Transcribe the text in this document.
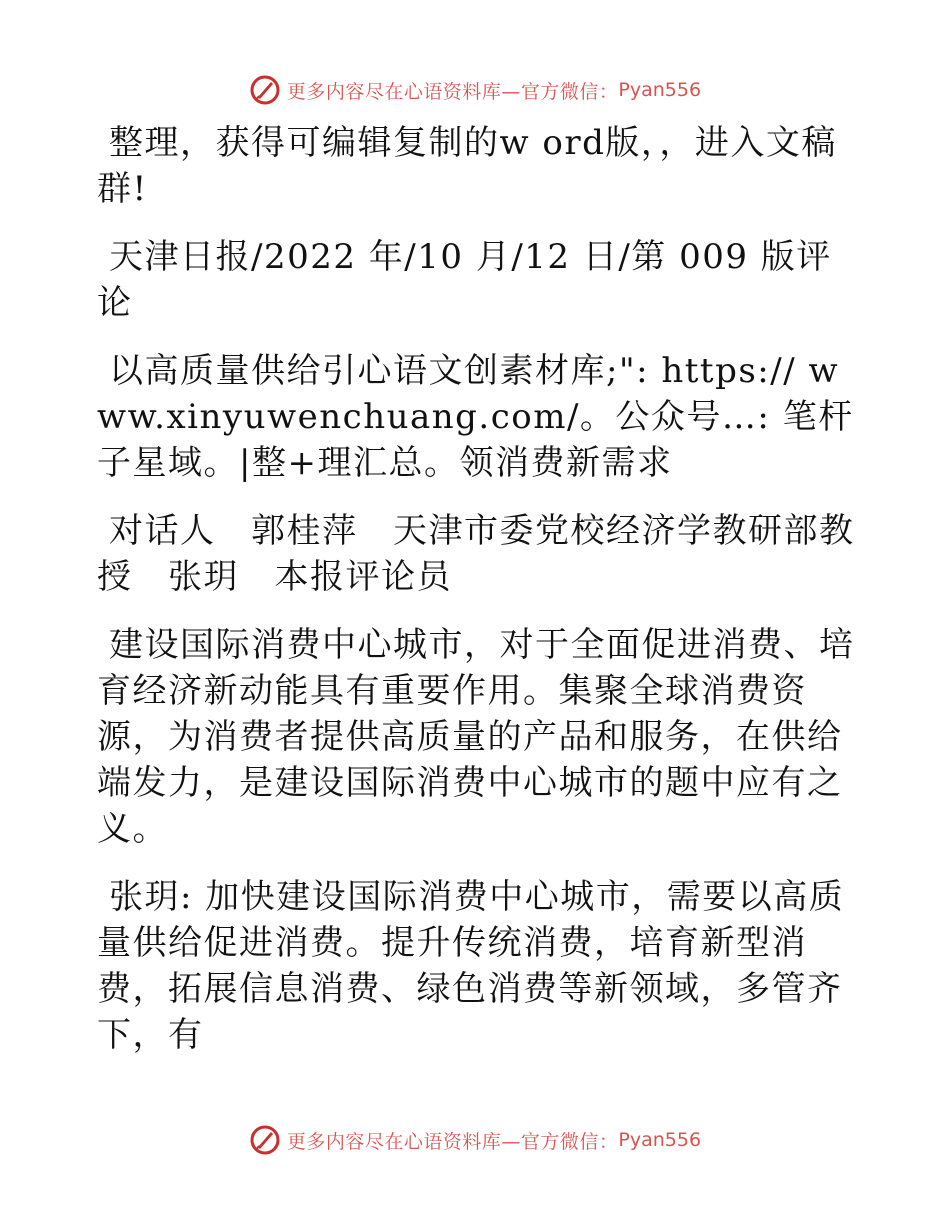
更多内容尽在心语资料库—官方微信： Pyan556

整理，获得可编辑复制的w ord版，，进入文稿群!

天津日报/2022 年/10 月/12 日/第 009 版评论

以高质量供给引心语文创素材库;": https:// www.xinyuwenchuang.com/。公众号…: 笔杆子星域。|整+理汇总。领消费新需求

对话人　郭桂萍　天津市委党校经济学教研部教授　张玥　本报评论员

建设国际消费中心城市，对于全面促进消费、培育经济新动能具有重要作用。集聚全球消费资源，为消费者提供高质量的产品和服务，在供给端发力，是建设国际消费中心城市的题中应有之义。

张玥: 加快建设国际消费中心城市，需要以高质量供给促进消费。提升传统消费，培育新型消费，拓展信息消费、绿色消费等新领域，多管齐下，有

更多内容尽在心语资料库—官方微信： Pyan556
